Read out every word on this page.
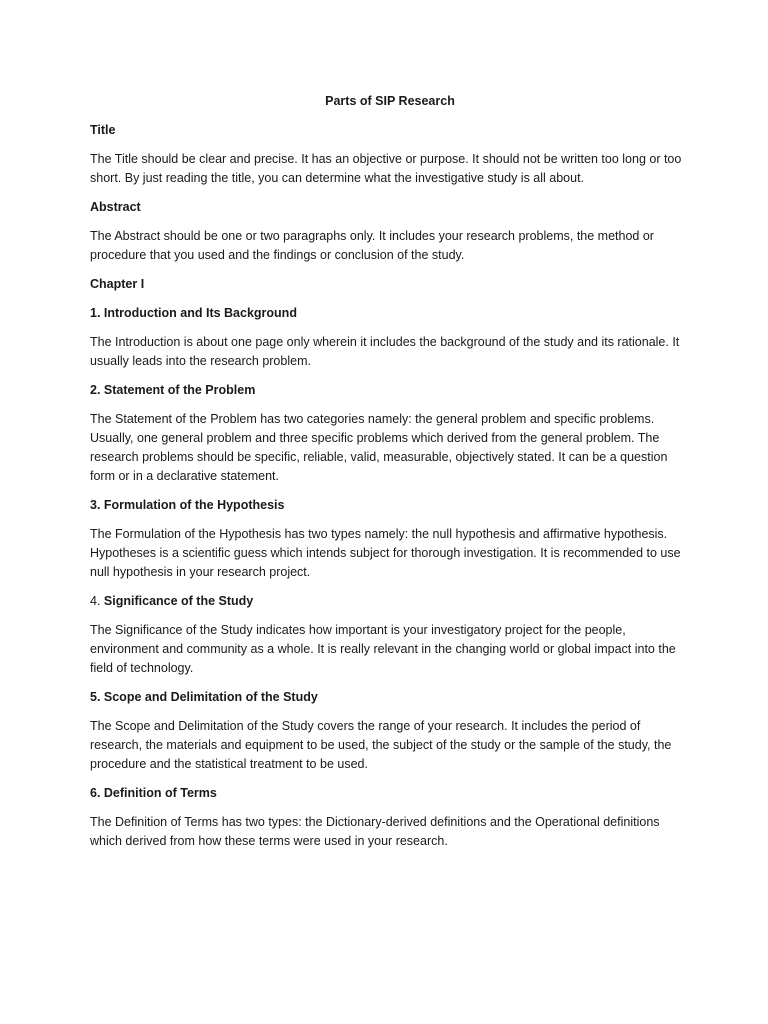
Parts of SIP Research

Title

The Title should be clear and precise. It has an objective or purpose. It should not be written too long or too short. By just reading the title, you can determine what the investigative study is all about.

Abstract

The Abstract should be one or two paragraphs only. It includes your research problems, the method or procedure that you used and the findings or conclusion of the study.

Chapter I

1. Introduction and Its Background

The Introduction is about one page only wherein it includes the background of the study and its rationale. It usually leads into the research problem.

2. Statement of the Problem

The Statement of the Problem has two categories namely: the general problem and specific problems. Usually, one general problem and three specific problems which derived from the general problem. The research problems should be specific, reliable, valid, measurable, objectively stated. It can be a question form or in a declarative statement.

3. Formulation of the Hypothesis

The Formulation of the Hypothesis has two types namely: the null hypothesis and affirmative hypothesis. Hypotheses is a scientific guess which intends subject for thorough investigation. It is recommended to use null hypothesis in your research project.

4. Significance of the Study

The Significance of the Study indicates how important is your investigatory project for the people, environment and community as a whole. It is really relevant in the changing world or global impact into the field of technology.

5. Scope and Delimitation of the Study

The Scope and Delimitation of the Study covers the range of your research. It includes the period of research, the materials and equipment to be used, the subject of the study or the sample of the study, the procedure and the statistical treatment to be used.

6. Definition of Terms

The Definition of Terms has two types: the Dictionary-derived definitions and the Operational definitions which derived from how these terms were used in your research.
